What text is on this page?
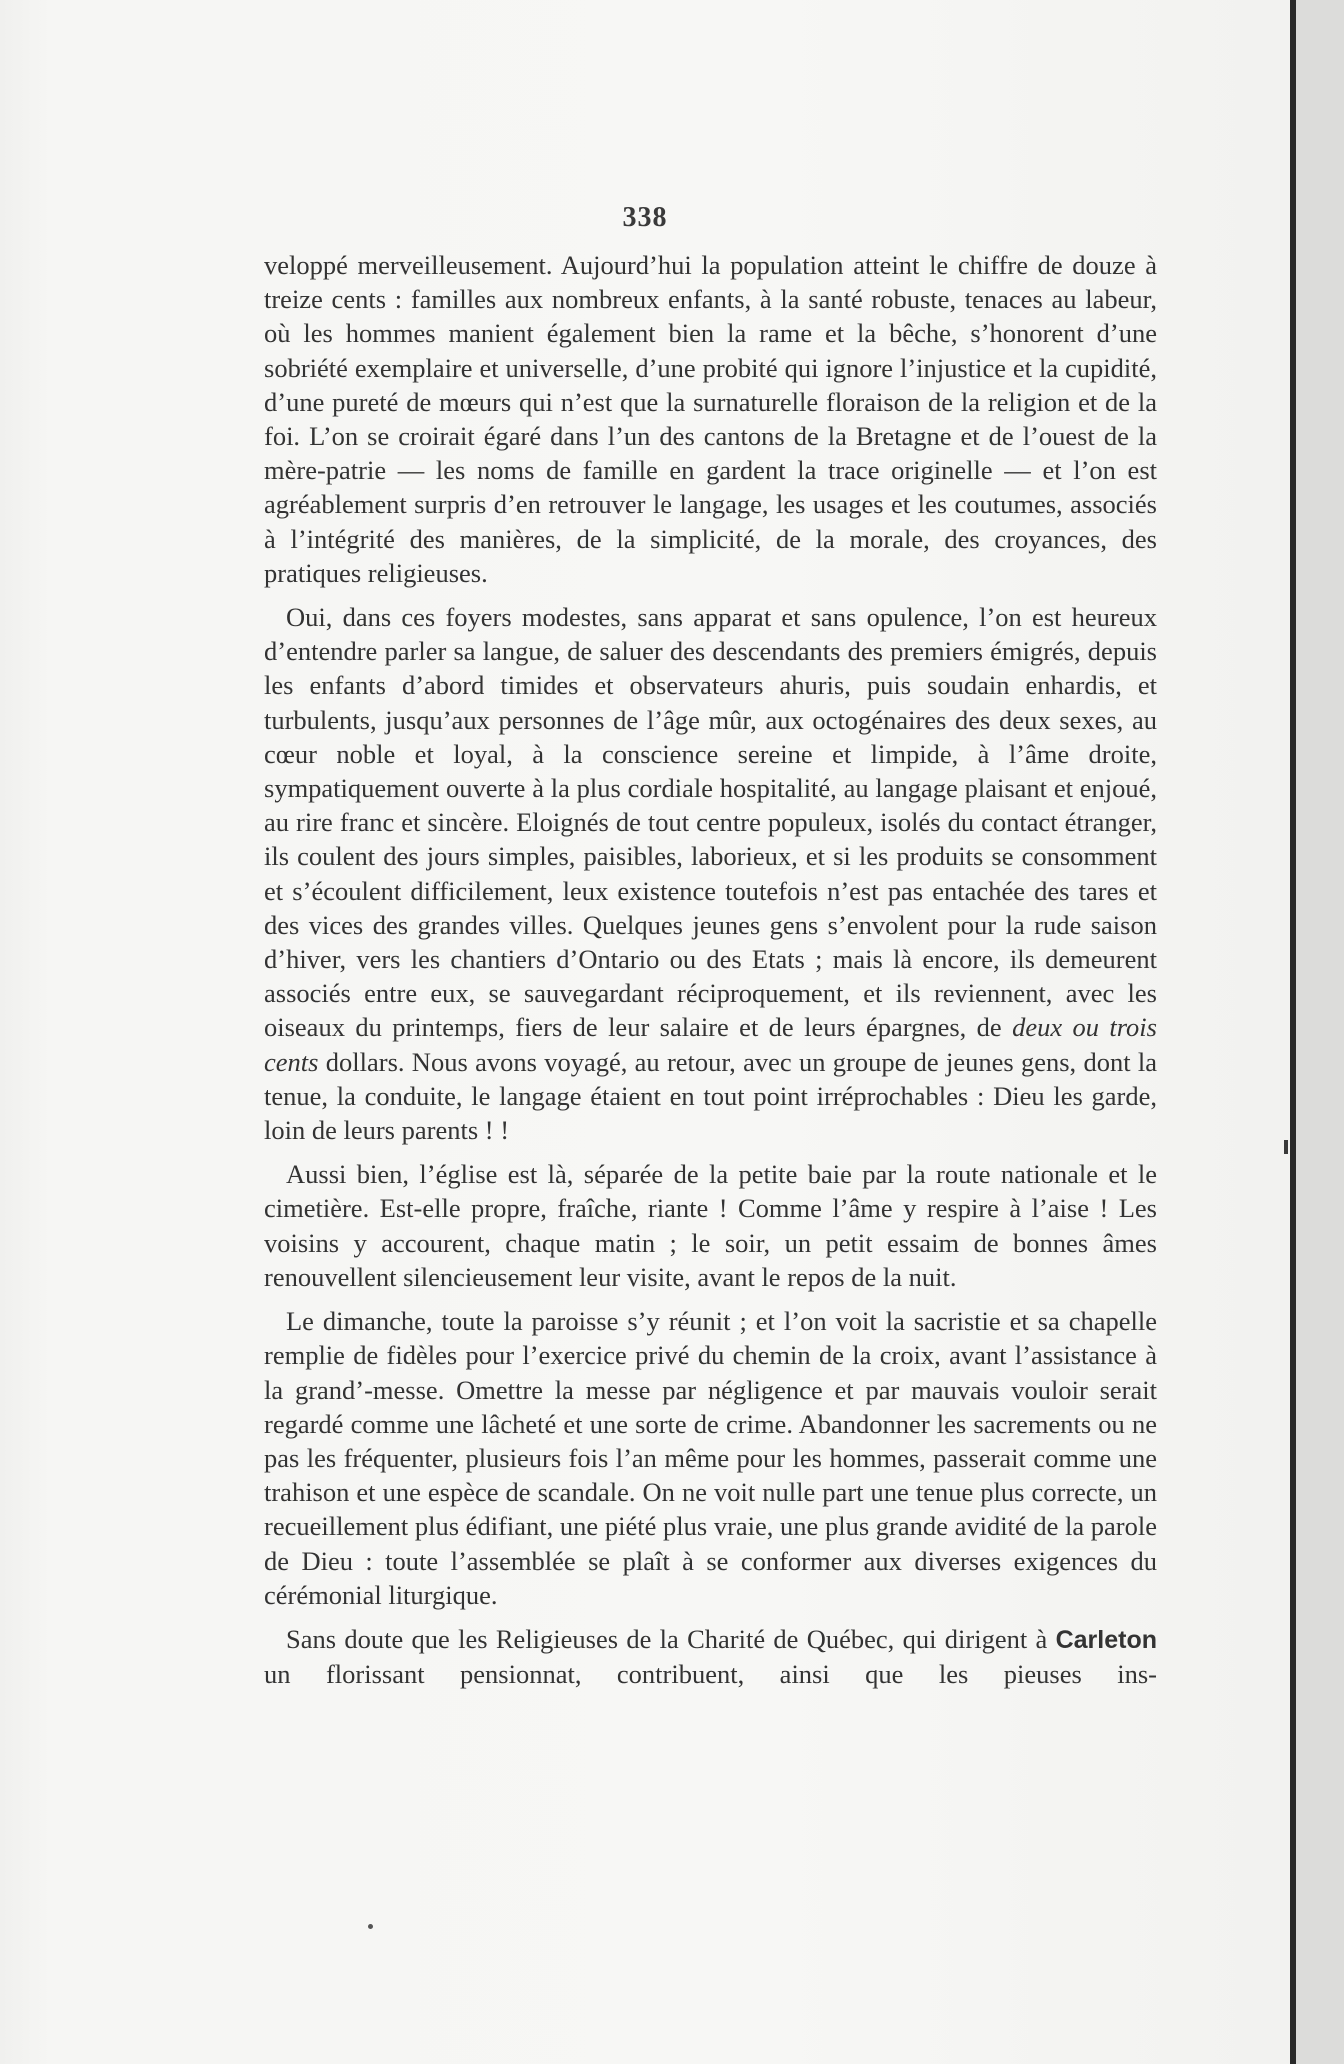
338

veloppé merveilleusement. Aujourd’hui la population atteint le chiffre de douze à treize cents : familles aux nombreux enfants, à la santé robuste, tenaces au labeur, où les hommes manient également bien la rame et la bêche, s’honorent d’une sobriété exemplaire et universelle, d’une probité qui ignore l’injustice et la cupidité, d’une pureté de mœurs qui n’est que la surnaturelle floraison de la religion et de la foi. L’on se croirait égaré dans l’un des cantons de la Bretagne et de l’ouest de la mère-patrie — les noms de famille en gardent la trace originelle — et l’on est agréablement surpris d’en retrouver le langage, les usages et les coutumes, associés à l’intégrité des manières, de la simplicité, de la morale, des croyances, des pratiques religieuses.

Oui, dans ces foyers modestes, sans apparat et sans opulence, l’on est heureux d’entendre parler sa langue, de saluer des descendants des premiers émigrés, depuis les enfants d’abord timides et observateurs ahuris, puis soudain enhardis, et turbulents, jusqu’aux personnes de l’âge mûr, aux octogénaires des deux sexes, au cœur noble et loyal, à la conscience sereine et limpide, à l’âme droite, sympatiquement ouverte à la plus cordiale hospitalité, au langage plaisant et enjoué, au rire franc et sincère. Eloignés de tout centre populeux, isolés du contact étranger, ils coulent des jours simples, paisibles, laborieux, et si les produits se consomment et s’écoulent difficilement, leux existence toutefois n’est pas entachée des tares et des vices des grandes villes. Quelques jeunes gens s’envolent pour la rude saison d’hiver, vers les chantiers d’Ontario ou des Etats ; mais là encore, ils demeurent associés entre eux, se sauvegardant réciproquement, et ils reviennent, avec les oiseaux du printemps, fiers de leur salaire et de leurs épargnes, de deux ou trois cents dollars. Nous avons voyagé, au retour, avec un groupe de jeunes gens, dont la tenue, la conduite, le langage étaient en tout point irréprochables : Dieu les garde, loin de leurs parents ! !

Aussi bien, l’église est là, séparée de la petite baie par la route nationale et le cimetière. Est-elle propre, fraîche, riante ! Comme l’âme y respire à l’aise ! Les voisins y accourent, chaque matin ; le soir, un petit essaim de bonnes âmes renouvellent silencieusement leur visite, avant le repos de la nuit.

Le dimanche, toute la paroisse s’y réunit ; et l’on voit la sacristie et sa chapelle remplie de fidèles pour l’exercice privé du chemin de la croix, avant l’assistance à la grand’-messe. Omettre la messe par négligence et par mauvais vouloir serait regardé comme une lâcheté et une sorte de crime. Abandonner les sacrements ou ne pas les fréquenter, plusieurs fois l’an même pour les hommes, passerait comme une trahison et une espèce de scandale. On ne voit nulle part une tenue plus correcte, un recueillement plus édifiant, une piété plus vraie, une plus grande avidité de la parole de Dieu : toute l’assemblée se plaît à se conformer aux diverses exigences du cérémonial liturgique.

Sans doute que les Religieuses de la Charité de Québec, qui dirigent à Carleton un florissant pensionnat, contribuent, ainsi que les pieuses ins-
